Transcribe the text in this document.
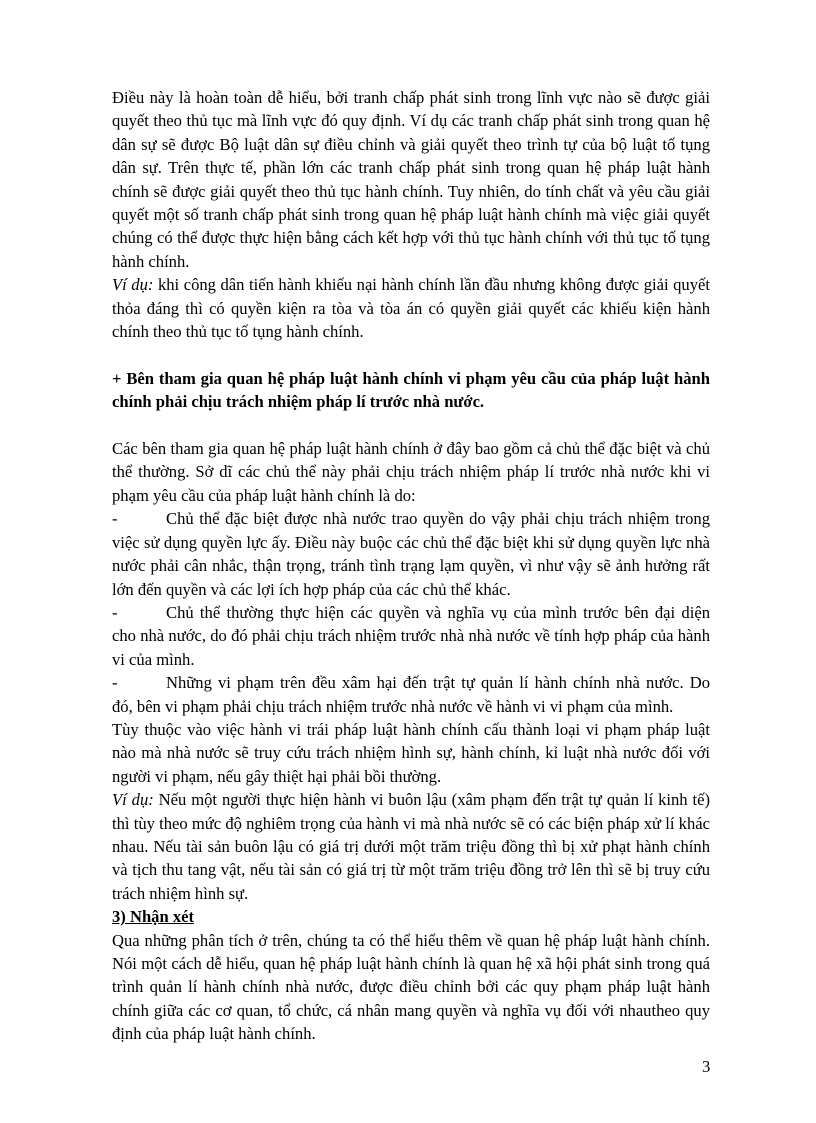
Điều này là hoàn toàn dễ hiểu, bởi tranh chấp phát sinh trong lĩnh vực nào sẽ được giải quyết theo thủ tục mà lĩnh vực đó quy định. Ví dụ các tranh chấp phát sinh trong quan hệ dân sự sẽ được Bộ luật dân sự điều chỉnh và giải quyết theo trình tự của bộ luật tố tụng dân sự. Trên thực tế, phần lớn các tranh chấp phát sinh trong quan hệ pháp luật hành chính sẽ được giải quyết theo thủ tục hành chính. Tuy nhiên, do tính chất và yêu cầu giải quyết một số tranh chấp phát sinh trong quan hệ pháp luật hành chính mà việc giải quyết chúng có thể được thực hiện bằng cách kết hợp với thủ tục hành chính với thủ tục tố tụng hành chính.

Ví dụ: khi công dân tiến hành khiếu nại hành chính lần đầu nhưng không được giải quyết thỏa đáng thì có quyền kiện ra tòa và tòa án có quyền giải quyết các khiếu kiện hành chính theo thủ tục tố tụng hành chính.

+ Bên tham gia quan hệ pháp luật hành chính vi phạm yêu cầu của pháp luật hành chính phải chịu trách nhiệm pháp lí trước nhà nước.

Các bên tham gia quan hệ pháp luật hành chính ở đây bao gồm cả chủ thể đặc biệt và chủ thể thường. Sở dĩ các chủ thể này phải chịu trách nhiệm pháp lí trước nhà nước khi vi phạm yêu cầu của pháp luật hành chính là do:

-	Chủ thể đặc biệt được nhà nước trao quyền do vậy phải chịu trách nhiệm trong

việc sử dụng quyền lực ấy. Điều này buộc các chủ thể đặc biệt khi sử dụng quyền lực nhà nước phải cân nhắc, thận trọng, tránh tình trạng lạm quyền, vì như vậy sẽ ảnh hưởng rất lớn đến quyền và các lợi ích hợp pháp của các chủ thể khác.

-	Chủ thể thường thực hiện các quyền và nghĩa vụ của mình trước bên đại diện

cho nhà nước, do đó phải chịu trách nhiệm trước nhà nhà nước về tính hợp pháp của hành vi của mình.

-	Những vi phạm trên đều xâm hại đến trật tự quản lí hành chính nhà nước. Do

đó, bên vi phạm phải chịu trách nhiệm trước nhà nước về hành vi vi phạm của mình.

Tùy thuộc vào việc hành vi trái pháp luật hành chính cấu thành loại vi phạm pháp luật nào mà nhà nước sẽ truy cứu trách nhiệm hình sự, hành chính, kỉ luật nhà nước đối với người vi phạm, nếu gây thiệt hại phải bồi thường.

Ví dụ: Nếu một người thực hiện hành vi buôn lậu (xâm phạm đến trật tự quản lí kinh tế) thì tùy theo mức độ nghiêm trọng của hành vi mà nhà nước sẽ có các biện pháp xử lí khác nhau. Nếu tài sản buôn lậu có giá trị dưới một trăm triệu đồng thì bị xử phạt hành chính và tịch thu tang vật, nếu tài sản có giá trị từ một trăm triệu đồng trở lên thì sẽ bị truy cứu trách nhiệm hình sự.

3) Nhận xét

Qua những phân tích ở trên, chúng ta có thể hiểu thêm về quan hệ pháp luật hành chính. Nói một cách dễ hiểu, quan hệ pháp luật hành chính là quan hệ xã hội phát sinh trong quá trình quản lí hành chính nhà nước, được điều chỉnh bởi các quy phạm pháp luật hành chính giữa các cơ quan, tổ chức, cá nhân mang quyền và nghĩa vụ đối với nhautheo quy định của pháp luật hành chính.

3
